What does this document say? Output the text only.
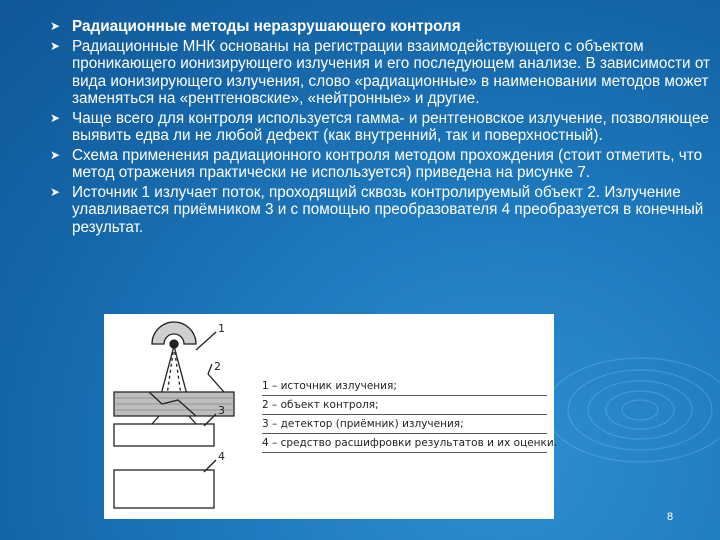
➤ Радиационные методы неразрушающего контроля
➤ Радиационные МНК основаны на регистрации взаимодействующего с объектом проникающего ионизирующего излучения и его последующем анализе. В зависимости от вида ионизирующего излучения, слово «радиационные» в наименовании методов может заменяться на «рентгеновские», «нейтронные» и другие.
➤ Чаще всего для контроля используется гамма- и рентгеновское излучение, позволяющее выявить едва ли не любой дефект (как внутренний, так и поверхностный).
➤ Схема применения радиационного контроля методом прохождения (стоит отметить, что метод отражения практически не используется) приведена на рисунке 7.
➤ Источник 1 излучает поток, проходящий сквозь контролируемый объект 2. Излучение улавливается приёмником 3 и с помощью преобразователя 4 преобразуется в конечный результат.
1
2
3
4
1 – источник излучения;
2 – объект контроля;
3 – детектор (приёмник) излучения;
4 – средство расшифровки результатов и их оценки.
8
